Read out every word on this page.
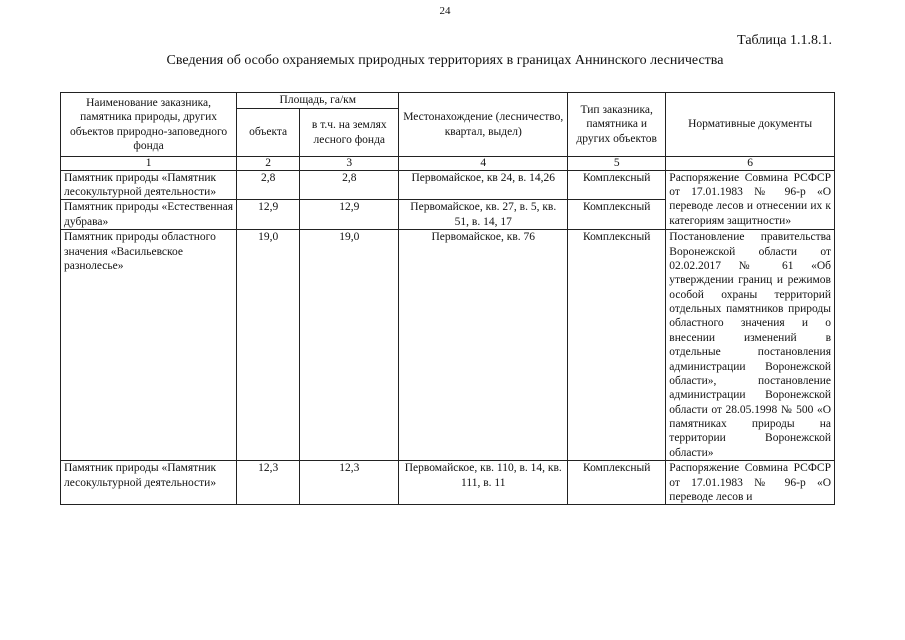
24
Таблица 1.1.8.1.
Сведения об особо охраняемых природных территориях в границах Аннинского лесничества
Наименование заказника, памятника природы, других объектов природно-заповедного фонда	Площадь, га/км		Местонахождение (лесничество, квартал, выдел)	Тип заказника, памятника и других объектов	Нормативные документы
	объекта	в т.ч. на землях лесного фонда			
1	2	3	4	5	6
Памятник природы «Памятник лесокультурной деятельности»	2,8	2,8	Первомайское, кв 24, в. 14,26	Комплексный	Распоряжение Совмина РСФСР от 17.01.1983 № 96-р «О переводе лесов и отнесении их к категориям защитности»
Памятник природы «Естественная дубрава»	12,9	12,9	Первомайское, кв. 27, в. 5, кв. 51, в. 14, 17	Комплексный	
Памятник природы областного значения «Васильевское разнолесье»	19,0	19,0	Первомайское, кв. 76	Комплексный	Постановление правительства Воронежской области от 02.02.2017 № 61 «Об утверждении границ и режимов особой охраны территорий отдельных памятников природы областного значения и о внесении изменений в отдельные постановления администрации Воронежской области», постановление администрации Воронежской области от 28.05.1998 № 500 «О памятниках природы на территории Воронежской области»
Памятник природы «Памятник лесокультурной деятельности»	12,3	12,3	Первомайское, кв. 110, в. 14, кв. 111, в. 11	Комплексный	Распоряжение Совмина РСФСР от 17.01.1983 № 96-р «О переводе лесов и
